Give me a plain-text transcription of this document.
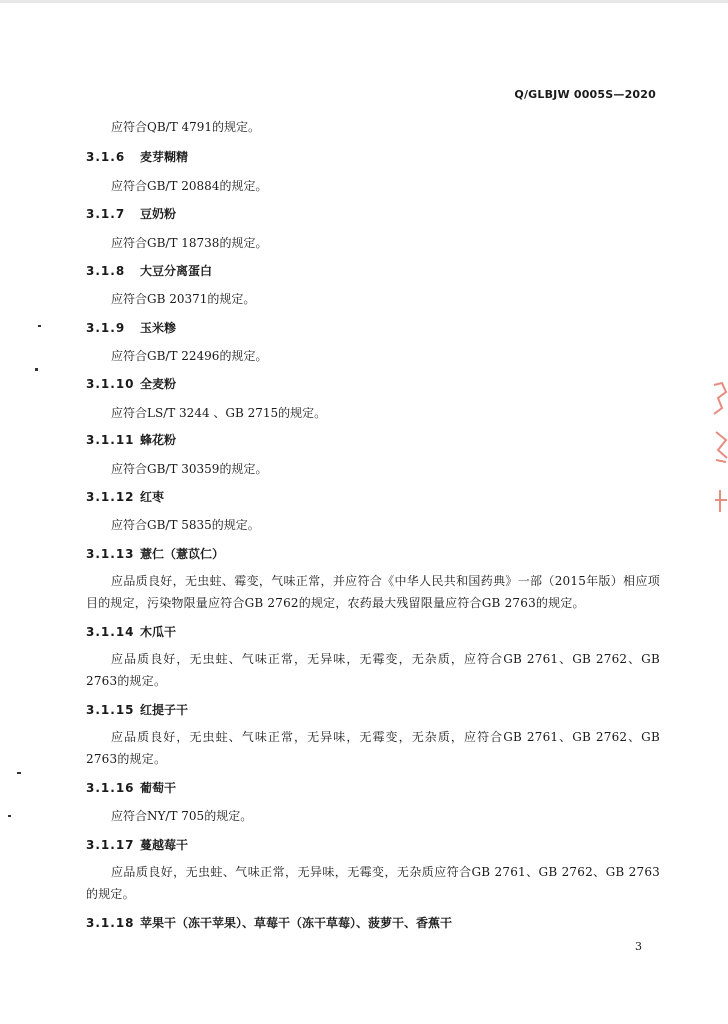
Q/GLBJW 0005S—2020
应符合QB/T 4791的规定。
3.1.6 麦芽糊精
应符合GB/T 20884的规定。
3.1.7 豆奶粉
应符合GB/T 18738的规定。
3.1.8 大豆分离蛋白
应符合GB 20371的规定。
3.1.9 玉米糁
应符合GB/T 22496的规定。
3.1.10 全麦粉
应符合LS/T 3244 、GB 2715的规定。
3.1.11 蜂花粉
应符合GB/T 30359的规定。
3.1.12 红枣
应符合GB/T 5835的规定。
3.1.13 薏仁（薏苡仁）
应品质良好，无虫蛀、霉变，气味正常，并应符合《中华人民共和国药典》一部（2015年版）相应项目的规定，污染物限量应符合GB 2762的规定，农药最大残留限量应符合GB 2763的规定。
3.1.14 木瓜干
应品质良好，无虫蛀、气味正常，无异味，无霉变，无杂质，应符合GB 2761、GB 2762、GB 2763的规定。
3.1.15 红提子干
应品质良好，无虫蛀、气味正常，无异味，无霉变，无杂质，应符合GB 2761、GB 2762、GB 2763的规定。
3.1.16 葡萄干
应符合NY/T 705的规定。
3.1.17 蔓越莓干
应品质良好，无虫蛀、气味正常，无异味，无霉变，无杂质应符合GB 2761、GB 2762、GB 2763的规定。
3.1.18 苹果干（冻干苹果）、草莓干（冻干草莓）、菠萝干、香蕉干
3
